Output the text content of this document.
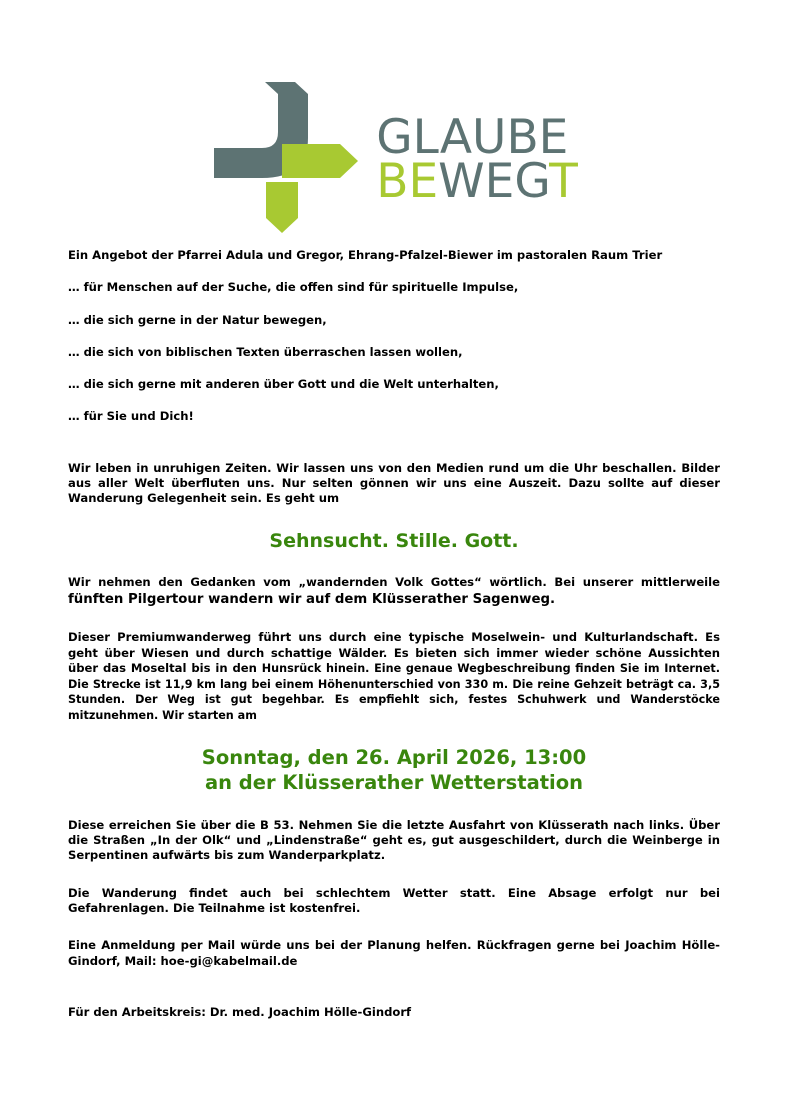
GLAUBE
BEWEGT

Ein Angebot der Pfarrei Adula und Gregor, Ehrang-Pfalzel-Biewer im pastoralen Raum Trier

… für Menschen auf der Suche, die offen sind für spirituelle Impulse,

… die sich gerne in der Natur bewegen,

… die sich von biblischen Texten überraschen lassen wollen,

… die sich gerne mit anderen über Gott und die Welt unterhalten,

… für Sie und Dich!

Wir leben in unruhigen Zeiten. Wir lassen uns von den Medien rund um die Uhr beschallen. Bilder aus aller Welt überfluten uns. Nur selten gönnen wir uns eine Auszeit. Dazu sollte auf dieser Wanderung Gelegenheit sein. Es geht um

Sehnsucht. Stille. Gott.

Wir nehmen den Gedanken vom „wandernden Volk Gottes“ wörtlich. Bei unserer mittlerweile fünften Pilgertour wandern wir auf dem Klüsserather Sagenweg.

Dieser Premiumwanderweg führt uns durch eine typische Moselwein- und Kulturlandschaft. Es geht über Wiesen und durch schattige Wälder. Es bieten sich immer wieder schöne Aussichten über das Moseltal bis in den Hunsrück hinein. Eine genaue Wegbeschreibung finden Sie im Internet. Die Strecke ist 11,9 km lang bei einem Höhenunterschied von 330 m. Die reine Gehzeit beträgt ca. 3,5 Stunden. Der Weg ist gut begehbar. Es empfiehlt sich, festes Schuhwerk und Wanderstöcke mitzunehmen. Wir starten am

Sonntag, den 26. April 2026, 13:00
an der Klüsserather Wetterstation

Diese erreichen Sie über die B 53. Nehmen Sie die letzte Ausfahrt von Klüsserath nach links. Über die Straßen „In der Olk“ und „Lindenstraße“ geht es, gut ausgeschildert, durch die Weinberge in Serpentinen aufwärts bis zum Wanderparkplatz.

Die Wanderung findet auch bei schlechtem Wetter statt. Eine Absage erfolgt nur bei Gefahrenlagen. Die Teilnahme ist kostenfrei.

Eine Anmeldung per Mail würde uns bei der Planung helfen. Rückfragen gerne bei Joachim Hölle-Gindorf, Mail: hoe-gi@kabelmail.de

Für den Arbeitskreis: Dr. med. Joachim Hölle-Gindorf
